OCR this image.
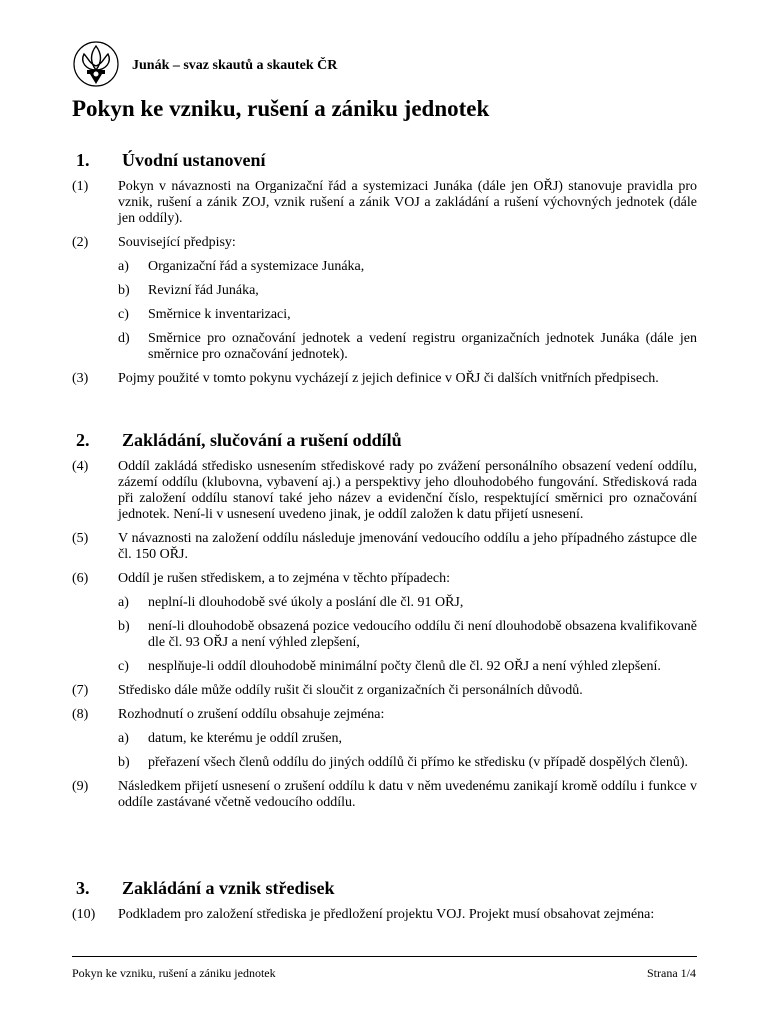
Junák – svaz skautů a skautek ČR
Pokyn ke vzniku, rušení a zániku jednotek
1.	Úvodní ustanovení
(1)	Pokyn v návaznosti na Organizační řád a systemizaci Junáka (dále jen OŘJ) stanovuje pravidla pro vznik, rušení a zánik ZOJ, vznik rušení a zánik VOJ a zakládání a rušení výchovných jednotek (dále jen oddíly).
(2)	Související předpisy:
a)	Organizační řád a systemizace Junáka,
b)	Revizní řád Junáka,
c)	Směrnice k inventarizaci,
d)	Směrnice pro označování jednotek a vedení registru organizačních jednotek Junáka (dále jen směrnice pro označování jednotek).
(3)	Pojmy použité v tomto pokynu vycházejí z jejich definice v OŘJ či dalších vnitřních předpisech.
2.	Zakládání, slučování a rušení oddílů
(4)	Oddíl zakládá středisko usnesením střediskové rady po zvážení personálního obsazení vedení oddílu, zázemí oddílu (klubovna, vybavení aj.) a perspektivy jeho dlouhodobého fungování. Středisková rada při založení oddílu stanoví také jeho název a evidenční číslo, respektující směrnici pro označování jednotek. Není-li v usnesení uvedeno jinak, je oddíl založen k datu přijetí usnesení.
(5)	V návaznosti na založení oddílu následuje jmenování vedoucího oddílu a jeho případného zástupce dle čl. 150 OŘJ.
(6)	Oddíl je rušen střediskem, a to zejména v těchto případech:
a)	neplní-li dlouhodobě své úkoly a poslání dle čl. 91 OŘJ,
b)	není-li dlouhodobě obsazená pozice vedoucího oddílu či není dlouhodobě obsazena kvalifikovaně dle čl. 93 OŘJ a není výhled zlepšení,
c)	nesplňuje-li oddíl dlouhodobě minimální počty členů dle čl. 92 OŘJ a není výhled zlepšení.
(7)	Středisko dále může oddíly rušit či sloučit z organizačních či personálních důvodů.
(8)	Rozhodnutí o zrušení oddílu obsahuje zejména:
a)	datum, ke kterému je oddíl zrušen,
b)	přeřazení všech členů oddílu do jiných oddílů či přímo ke středisku (v případě dospělých členů).
(9)	Následkem přijetí usnesení o zrušení oddílu k datu v něm uvedenému zanikají kromě oddílu i funkce v oddíle zastávané včetně vedoucího oddílu.
3.	Zakládání a vznik středisek
(10)	Podkladem pro založení střediska je předložení projektu VOJ. Projekt musí obsahovat zejména:
Pokyn ke vzniku, rušení a zániku jednotek	Strana 1/4
